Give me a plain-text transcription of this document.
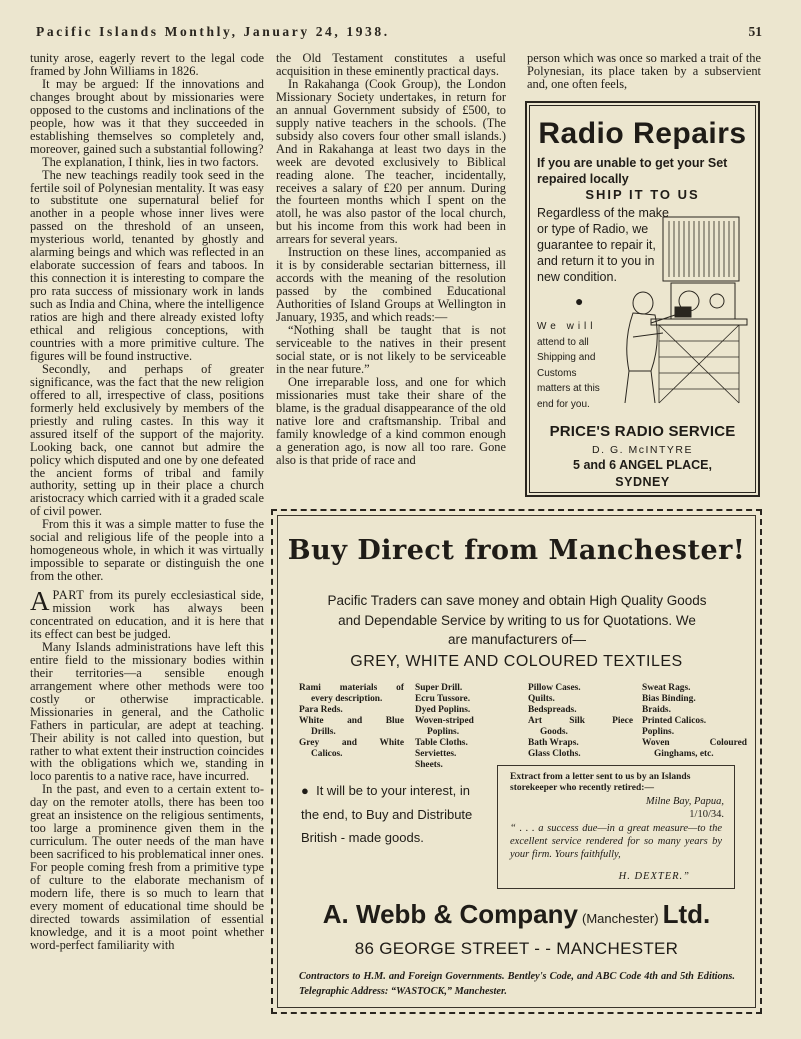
Pacific Islands Monthly, January 24, 1938.	51

tunity arose, eagerly revert to the legal code framed by John Williams in 1826.

It may be argued: If the innovations and changes brought about by missionaries were opposed to the customs and inclinations of the people, how was it that they succeeded in establishing themselves so completely and, moreover, gained such a substantial following?

The explanation, I think, lies in two factors.

The new teachings readily took seed in the fertile soil of Polynesian mentality. It was easy to substitute one supernatural belief for another in a people whose inner lives were passed on the threshold of an unseen, mysterious world, tenanted by ghostly and alarming beings and which was reflected in an elaborate succession of fears and taboos. In this connection it is interesting to compare the pro rata success of missionary work in lands such as India and China, where the intelligence ratios are high and there already existed lofty ethical and religious conceptions, with countries with a more primitive culture. The figures will be found instructive.

Secondly, and perhaps of greater significance, was the fact that the new religion offered to all, irrespective of class, positions formerly held exclusively by members of the priestly and ruling castes. In this way it assured itself of the support of the majority. Looking back, one cannot but admire the policy which disputed and one by one defeated the ancient forms of tribal and family authority, setting up in their place a church aristocracy which carried with it a graded scale of civil power.

From this it was a simple matter to fuse the social and religious life of the people into a homogeneous whole, in which it was virtually impossible to separate or distinguish the one from the other.

APART from its purely ecclesiastical side, mission work has always been concentrated on education, and it is here that its effect can best be judged.

Many Islands administrations have left this entire field to the missionary bodies within their territories—a sensible enough arrangement where other methods were too costly or otherwise impracticable. Missionaries in general, and the Catholic Fathers in particular, are adept at teaching. Their ability is not called into question, but rather to what extent their instruction coincides with the obligations which we, standing in loco parentis to a native race, have incurred.

In the past, and even to a certain extent to-day on the remoter atolls, there has been too great an insistence on the religious sentiments, too large a prominence given them in the curriculum. The outer needs of the man have been sacrificed to his problematical inner ones. For people coming fresh from a primitive type of culture to the elaborate mechanism of modern life, there is so much to learn that every moment of educational time should be directed towards assimilation of essential knowledge, and it is a moot point whether word-perfect familiarity with

the Old Testament constitutes a useful acquisition in these eminently practical days.

In Rakahanga (Cook Group), the London Missionary Society undertakes, in return for an annual Government subsidy of £500, to supply native teachers in the schools. (The subsidy also covers four other small islands.) And in Rakahanga at least two days in the week are devoted exclusively to Biblical reading alone. The teacher, incidentally, receives a salary of £20 per annum. During the fourteen months which I spent on the atoll, he was also pastor of the local church, but his income from this work had been in arrears for several years.

Instruction on these lines, accompanied as it is by considerable sectarian bitterness, ill accords with the meaning of the resolution passed by the combined Educational Authorities of Island Groups at Wellington in January, 1935, and which reads:—

“Nothing shall be taught that is not serviceable to the natives in their present social state, or is not likely to be serviceable in the near future.”

One irreparable loss, and one for which missionaries must take their share of the blame, is the gradual disappearance of the old native lore and craftsmanship. Tribal and family knowledge of a kind common enough a generation ago, is now all too rare. Gone also is that pride of race and

person which was once so marked a trait of the Polynesian, its place taken by a subservient and, one often feels,

Radio Repairs
If you are unable to get your Set repaired locally
SHIP IT TO US
Regardless of the make or type of Radio, we guarantee to repair it, and return it to you in new condition.
●
We will attend to all Shipping and Customs matters at this end for you.
PRICE'S RADIO SERVICE
D. G. McINTYRE
5 and 6 ANGEL PLACE,
SYDNEY
Buy Direct from Manchester!
Pacific Traders can save money and obtain High Quality Goods and Dependable Service by writing to us for Quotations. We are manufacturers of—
GREY, WHITE AND COLOURED TEXTILES
Rami materials of
every description.
Para Reds.
White and Blue
Drills.
Grey and White
Calicos.
Super Drill.
Ecru Tussore.
Dyed Poplins.
Woven-striped
Poplins.
Table Cloths.
Serviettes.
Sheets.
Pillow Cases.
Quilts.
Bedspreads.
Art Silk Piece
Goods.
Bath Wraps.
Glass Cloths.
Sweat Rags.
Bias Binding.
Braids.
Printed Calicos.
Poplins.
Woven Coloured
Ginghams, etc.
●  It will be to your interest, in the end, to Buy and Distribute British - made goods.
Extract from a letter sent to us by an Islands storekeeper who recently retired:—
Milne Bay, Papua,
1/10/34.
“ . . . a success due—in a great measure—to the excellent service rendered for so many years by your firm. Yours faithfully,
H. DEXTER.”
A. Webb & Company (Manchester) Ltd.
86 GEORGE STREET - - MANCHESTER
Contractors to H.M. and Foreign Governments. Bentley's Code, and ABC Code 4th and 5th Editions. Telegraphic Address: “WASTOCK,” Manchester.
